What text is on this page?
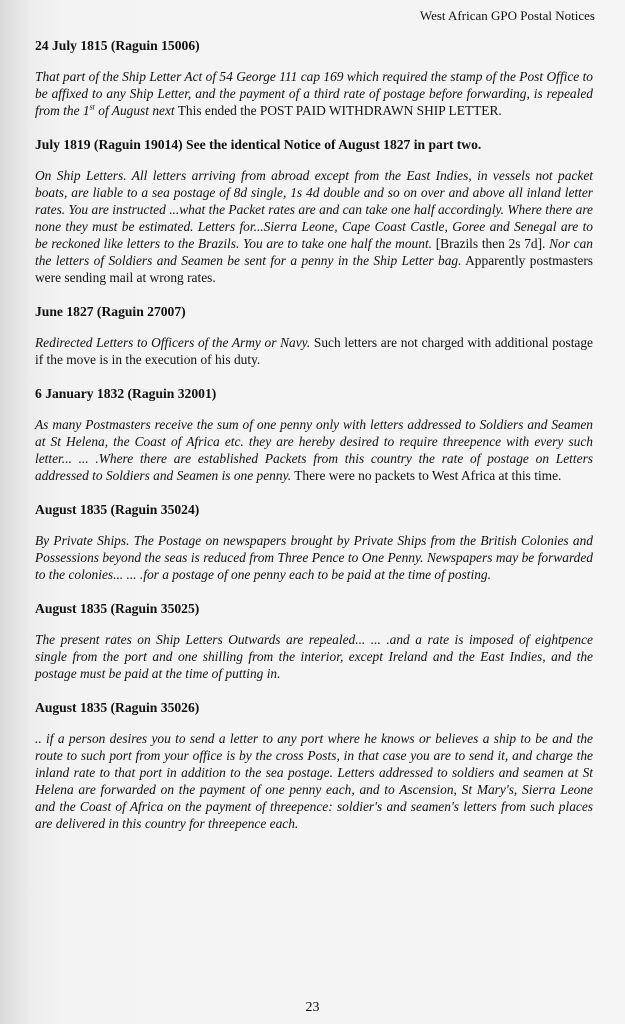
West African GPO Postal Notices

24 July 1815 (Raguin 15006)

That part of the Ship Letter Act of 54 George 111 cap 169 which required the stamp of the Post Office to be affixed to any Ship Letter, and the payment of a third rate of postage before forwarding, is repealed from the 1st of August next This ended the POST PAID WITHDRAWN SHIP LETTER.

July 1819 (Raguin 19014) See the identical Notice of August 1827 in part two.

On Ship Letters. All letters arriving from abroad except from the East Indies, in vessels not packet boats, are liable to a sea postage of 8d single, 1s 4d double and so on over and above all inland letter rates. You are instructed ...what the Packet rates are and can take one half accordingly. Where there are none they must be estimated. Letters for...Sierra Leone, Cape Coast Castle, Goree and Senegal are to be reckoned like letters to the Brazils. You are to take one half the mount. [Brazils then 2s 7d]. Nor can the letters of Soldiers and Seamen be sent for a penny in the Ship Letter bag. Apparently postmasters were sending mail at wrong rates.

June 1827 (Raguin 27007)

Redirected Letters to Officers of the Army or Navy. Such letters are not charged with additional postage if the move is in the execution of his duty.

6 January 1832 (Raguin 32001)

As many Postmasters receive the sum of one penny only with letters addressed to Soldiers and Seamen at St Helena, the Coast of Africa etc. they are hereby desired to require threepence with every such letter... ... .Where there are established Packets from this country the rate of postage on Letters addressed to Soldiers and Seamen is one penny. There were no packets to West Africa at this time.

August 1835 (Raguin 35024)

By Private Ships. The Postage on newspapers brought by Private Ships from the British Colonies and Possessions beyond the seas is reduced from Three Pence to One Penny. Newspapers may be forwarded to the colonies... ... .for a postage of one penny each to be paid at the time of posting.

August 1835 (Raguin 35025)

The present rates on Ship Letters Outwards are repealed... ... .and a rate is imposed of eightpence single from the port and one shilling from the interior, except Ireland and the East Indies, and the postage must be paid at the time of putting in.

August 1835 (Raguin 35026)

.. if a person desires you to send a letter to any port where he knows or believes a ship to be and the route to such port from your office is by the cross Posts, in that case you are to send it, and charge the inland rate to that port in addition to the sea postage. Letters addressed to soldiers and seamen at St Helena are forwarded on the payment of one penny each, and to Ascension, St Mary's, Sierra Leone and the Coast of Africa on the payment of threepence: soldier's and seamen's letters from such places are delivered in this country for threepence each.

23
